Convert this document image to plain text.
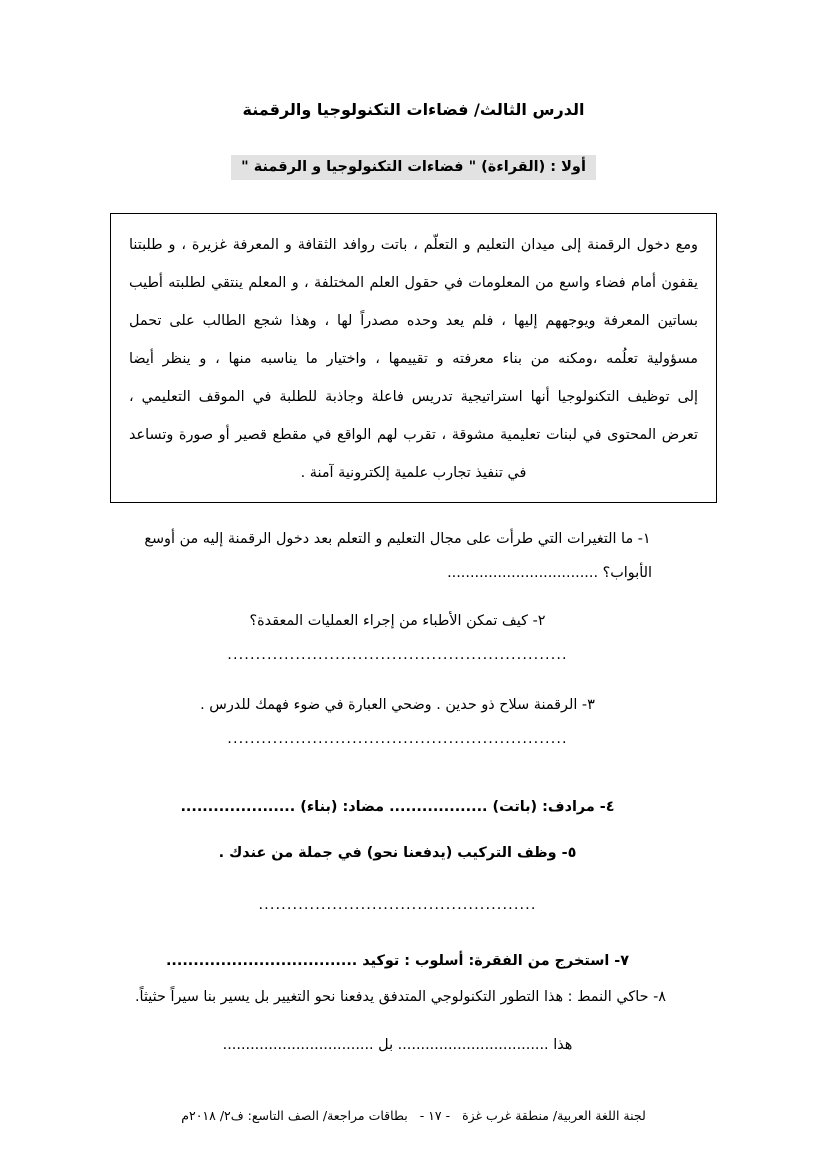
الدرس الثالث/ فضاءات التكنولوجيا والرقمنة
أولا : (القراءة) " فضاءات التكنولوجيا و الرقمنة "
ومع دخول الرقمنة إلى ميدان التعليم و التعلّم ، باتت روافد الثقافة و المعرفة غزيرة ، و طلبتنا
يقفون أمام فضاء واسع من المعلومات في حقول العلم المختلفة ، و المعلم ينتقي لطلبته أطيب
بساتين المعرفة ويوجههم إليها ، فلم يعد وحده مصدراً لها ، وهذا شجع الطالب على تحمل
مسؤولية تعلُمه ،ومكنه من بناء معرفته و تقييمها ، واختيار ما يناسبه منها ، و ينظر أيضا
إلى توظيف التكنولوجيا أنها استراتيجية تدريس فاعلة وجاذبة للطلبة في الموقف التعليمي ،
تعرض المحتوى في لبنات تعليمية مشوقة ، تقرب لهم الواقع في مقطع قصير أو صورة وتساعد
في تنفيذ تجارب علمية إلكترونية آمنة .
١- ما التغيرات التي طرأت على مجال التعليم و التعلم بعد دخول الرقمنة إليه من أوسع
الأبواب؟ .................................
٢- كيف تمكن الأطباء من إجراء العمليات المعقدة؟
............................................................
٣- الرقمنة سلاح ذو حدين . وضحي العبارة في ضوء فهمك للدرس .
............................................................
٤- مرادف: (باتت) .................. مضاد: (بناء) .....................
٥- وظف التركيب (يدفعنا نحو) في جملة من عندك .
.................................................
٧- استخرج من الفقرة: أسلوب : توكيد ...................................
٨- حاكي النمط : هذا التطور التكنولوجي المتدفق يدفعنا نحو التغيير بل يسير بنا سيراً حثيثاً.
هذا ................................. بل .................................
لجنة اللغة العربية/ منطقة غرب غزة - ١٧ - بطاقات مراجعة/ الصف التاسع: ف٢/ ٢٠١٨م
